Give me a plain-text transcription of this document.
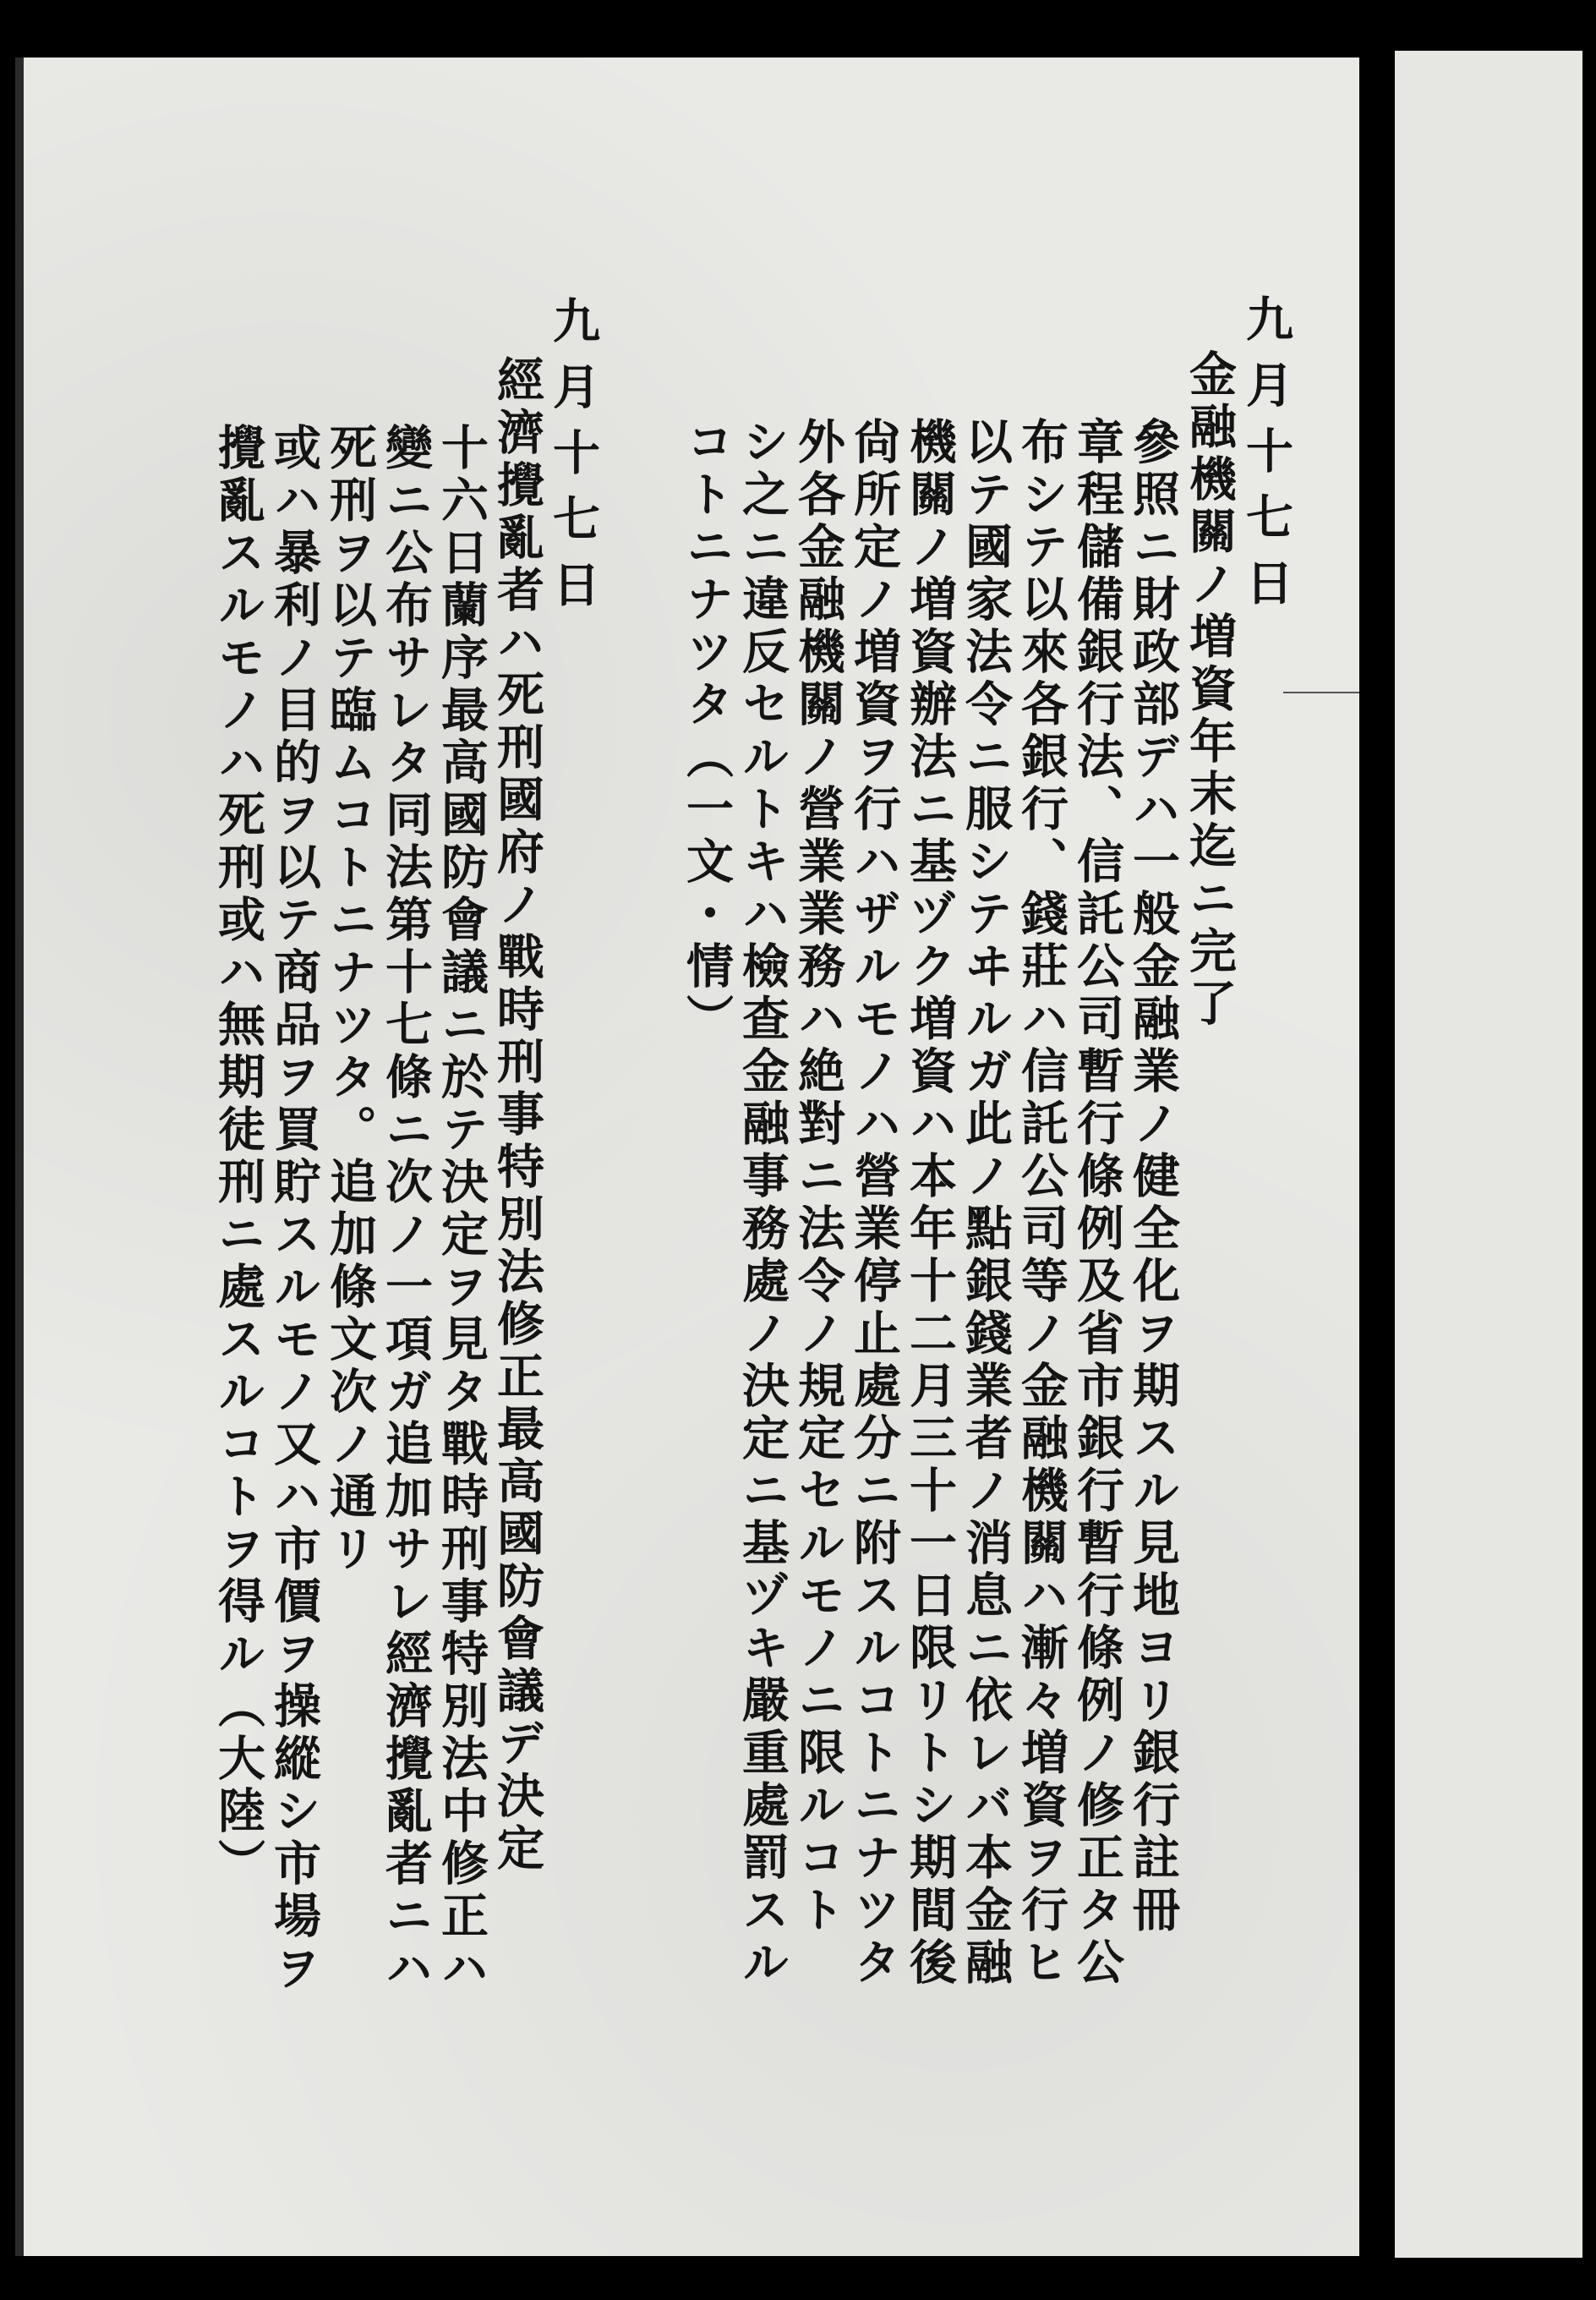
九月十七日
金融機關ノ増資年末迄ニ完了
參照ニ財政部デハ一般金融業ノ健全化ヲ期スル見地ヨリ銀行註冊
章程儲備銀行法、信託公司暫行條例及省市銀行暫行條例ノ修正タ公
布シテ以來各銀行、錢莊ハ信託公司等ノ金融機關ハ漸々増資ヲ行ヒ
以テ國家法令ニ服シテヰルガ此ノ點銀錢業者ノ消息ニ依レバ本金融
機關ノ増資辦法ニ基ヅク増資ハ本年十二月三十一日限リトシ期間後
尙所定ノ増資ヲ行ハザルモノハ營業停止處分ニ附スルコトニナツタ
外各金融機關ノ營業業務ハ絶對ニ法令ノ規定セルモノニ限ルコト
シ之ニ違反セルトキハ檢查金融事務處ノ決定ニ基ヅキ嚴重處罰スル
コトニナツタ（一文・情）
九月十七日
經濟攪亂者ハ死刑國府ノ戰時刑事特別法修正最高國防會議デ決定
十六日蘭序最高國防會議ニ於テ決定ヲ見タ戰時刑事特別法中修正ハ
變ニ公布サレタ同法第十七條ニ次ノ一項ガ追加サレ經濟攪亂者ニハ
死刑ヲ以テ臨ムコトニナツタ。追加條文次ノ通リ
或ハ暴利ノ目的ヲ以テ商品ヲ買貯スルモノ又ハ市價ヲ操縱シ市場ヲ
攪亂スルモノハ死刑或ハ無期徒刑ニ處スルコトヲ得ル（大陸）
